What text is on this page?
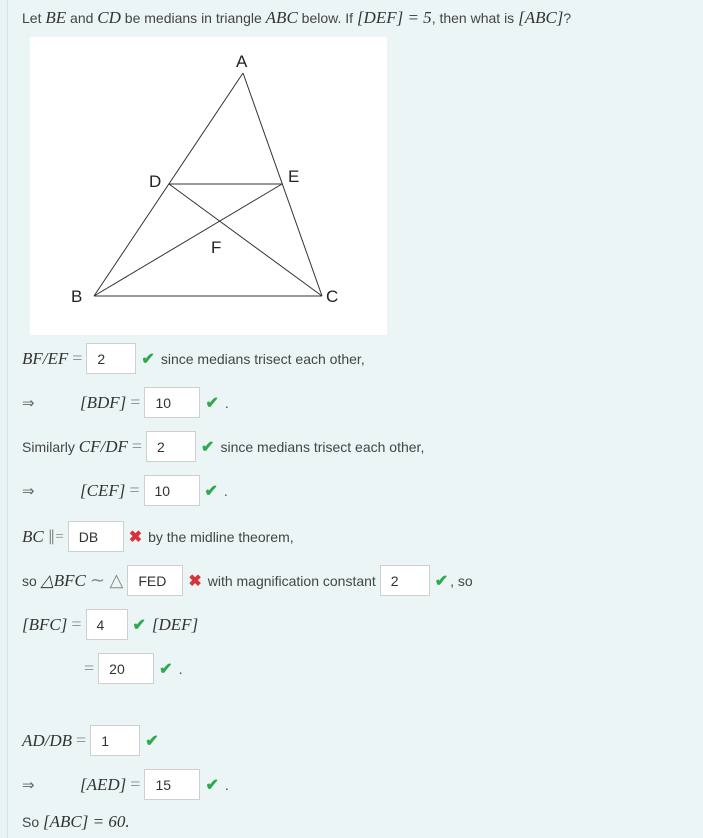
Let
BE
and
CD
be medians in triangle
ABC
below. If
[DEF] = 5 , then what is
[ABC] ?
A
B	C
D	E
F
BF/EF =	2	✔ since medians trisect each other,
⇒	[BDF] =	10	✔ .
Similarly
CF/DF =	2	✔ since medians trisect each other,
⇒	[CEF] =	10	✔ .
BC ∥=	DB	✖ by the midline theorem,
so
△BFC ∼ △	FED	✖ with magnification constant
	2	✔ , so
[BFC] =	4	✔ [DEF]
=	20	✔ .
AD/DB =	1	✔
⇒	[AED] =	15	✔ .
So
[ABC] = 60.
